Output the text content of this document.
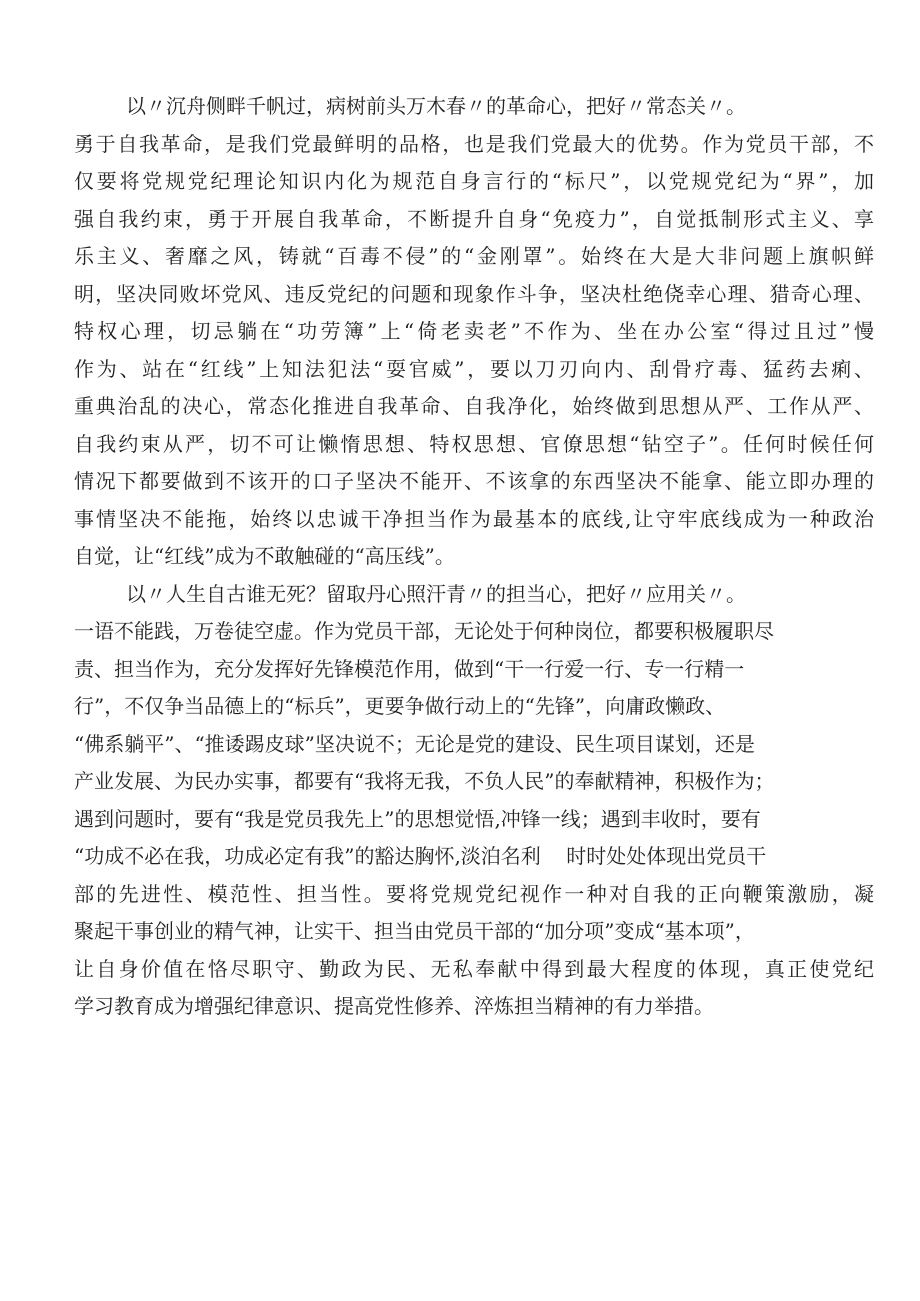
以〃沉舟侧畔千帆过，病树前头万木春〃的革命心，把好〃常态关〃。
勇于自我革命，是我们党最鲜明的品格，也是我们党最大的优势。作为党员干部，不
仅要将党规党纪理论知识内化为规范自身言行的“标尺”，以党规党纪为“界”，加
强自我约束，勇于开展自我革命，不断提升自身“免疫力”，自觉抵制形式主义、享
乐主义、奢靡之风，铸就“百毒不侵”的“金刚罩”。始终在大是大非问题上旗帜鲜
明，坚决同败坏党风、违反党纪的问题和现象作斗争，坚决杜绝侥幸心理、猎奇心理、
特权心理，切忌躺在“功劳簿”上“倚老卖老”不作为、坐在办公室“得过且过”慢
作为、站在“红线”上知法犯法“耍官威”，要以刀刃向内、刮骨疗毒、猛药去痢、
重典治乱的决心，常态化推进自我革命、自我净化，始终做到思想从严、工作从严、
自我约束从严，切不可让懒惰思想、特权思想、官僚思想“钻空子”。任何时候任何
情况下都要做到不该开的口子坚决不能开、不该拿的东西坚决不能拿、能立即办理的
事情坚决不能拖，始终以忠诚干净担当作为最基本的底线,让守牢底线成为一种政治
自觉，让“红线”成为不敢触碰的“高压线”。
以〃人生自古谁无死？留取丹心照汗青〃的担当心，把好〃应用关〃。
一语不能践，万卷徒空虚。作为党员干部，无论处于何种岗位，都要积极履职尽
责、担当作为，充分发挥好先锋模范作用，做到“干一行爱一行、专一行精一
行”，不仅争当品德上的“标兵”，更要争做行动上的“先锋”，向庸政懒政、
“佛系躺平”、“推诿踢皮球”坚决说不；无论是党的建设、民生项目谋划，还是
产业发展、为民办实事，都要有“我将无我，不负人民”的奉献精神，积极作为；
遇到问题时，要有“我是党员我先上”的思想觉悟,冲锋一线；遇到丰收时，要有
“功成不必在我，功成必定有我”的豁达胸怀,淡泊名利    时时处处体现出党员干
部的先进性、模范性、担当性。要将党规党纪视作一种对自我的正向鞭策激励，凝
聚起干事创业的精气神，让实干、担当由党员干部的“加分项”变成“基本项”，
让自身价值在恪尽职守、勤政为民、无私奉献中得到最大程度的体现，真正使党纪
学习教育成为增强纪律意识、提高党性修养、淬炼担当精神的有力举措。
